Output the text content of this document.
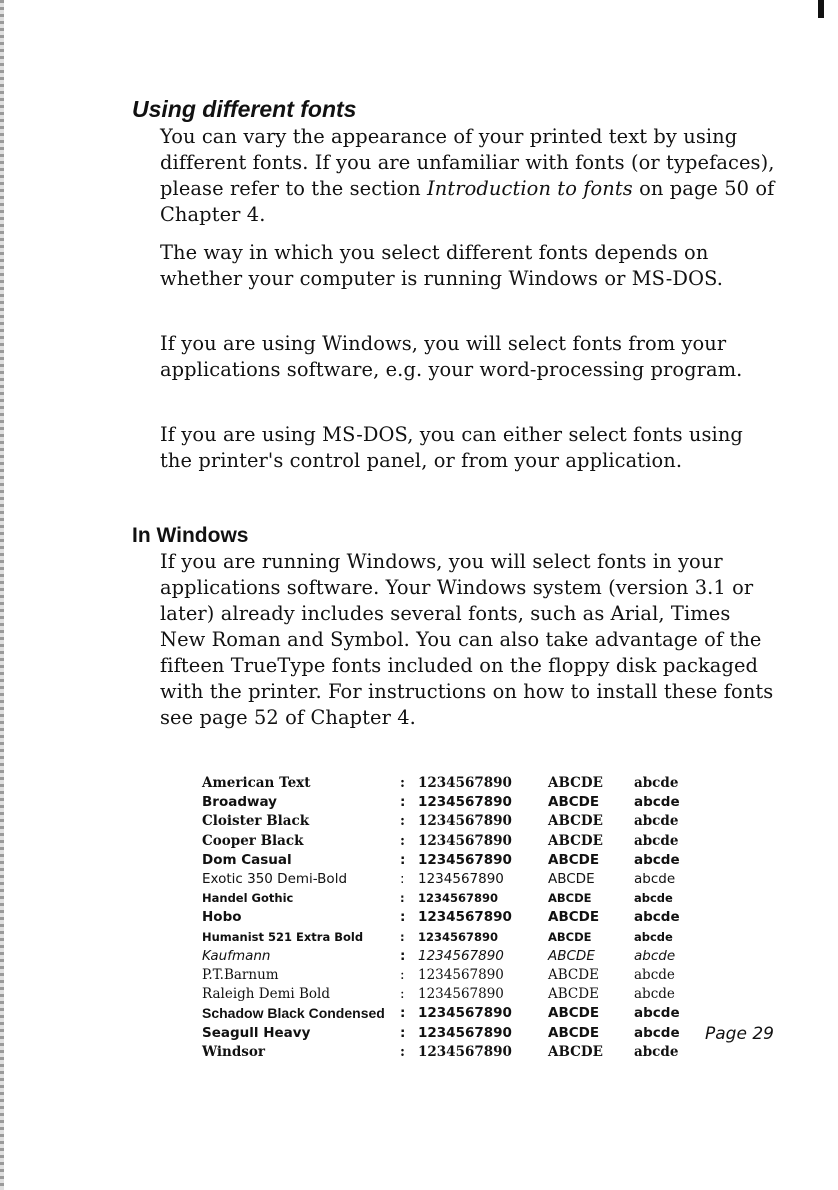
Using different fonts

You can vary the appearance of your printed text by using different fonts. If you are unfamiliar with fonts (or typefaces), please refer to the section Introduction to fonts on page 50 of Chapter 4.

The way in which you select different fonts depends on whether your computer is running Windows or MS-DOS.

If you are using Windows, you will select fonts from your applications software, e.g. your word-processing program.

If you are using MS-DOS, you can either select fonts using the printer's control panel, or from your application.

In Windows

If you are running Windows, you will select fonts in your applications software. Your Windows system (version 3.1 or later) already includes several fonts, such as Arial, Times New Roman and Symbol. You can also take advantage of the fifteen TrueType fonts included on the floppy disk packaged with the printer. For instructions on how to install these fonts see page 52 of Chapter 4.

American Text	:	1234567890	ABCDE	abcde
Broadway	:	1234567890	ABCDE	abcde
Cloister Black	:	1234567890	ABCDE	abcde
Cooper Black	:	1234567890	ABCDE	abcde
Dom Casual	:	1234567890	ABCDE	abcde
Exotic 350 Demi-Bold	:	1234567890	ABCDE	abcde
Handel Gothic	:	1234567890	ABCDE	abcde
Hobo	:	1234567890	ABCDE	abcde
Humanist 521 Extra Bold	:	1234567890	ABCDE	abcde
Kaufmann	:	1234567890	ABCDE	abcde
P.T.Barnum	:	1234567890	ABCDE	abcde
Raleigh Demi Bold	:	1234567890	ABCDE	abcde
Schadow Black Condensed	:	1234567890	ABCDE	abcde
Seagull Heavy	:	1234567890	ABCDE	abcde
Windsor	:	1234567890	ABCDE	abcde
Page 29
